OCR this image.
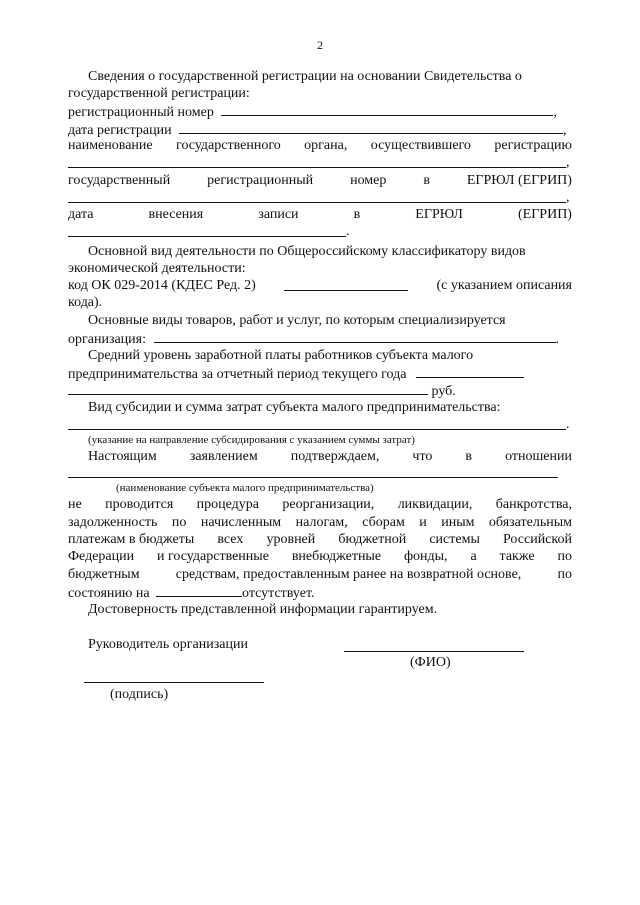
2
Сведения о государственной регистрации на основании Свидетельства о
государственной регистрации:
регистрационный номер	,
дата регистрации	,
наименование государственного органа, осуществившего регистрацию
,
государственный	регистрационный	номер	в	ЕГРЮЛ (ЕГРИП)
,
дата	внесения	записи	в	ЕГРЮЛ	(ЕГРИП)
.
Основной вид деятельности по Общероссийскому классификатору видов
экономической деятельности:
код ОК 029-2014 (КДЕС Ред. 2)	(с указанием описания
кода).
Основные виды товаров, работ и услуг, по которым специализируется
организация:	.
Средний уровень заработной платы работников субъекта малого
предпринимательства за отчетный период текущего года
руб.
Вид субсидии и сумма затрат субъекта малого предпринимательства:
.
(указание на направление субсидирования с указанием суммы затрат)
Настоящим заявлением подтверждаем, что в отношении
(наименование субъекта малого предпринимательства)
не проводится процедура реорганизации, ликвидации, банкротства,
задолженность по начисленным налогам, сборам и иным обязательным
платежам в бюджеты всех уровней бюджетной системы Российской
Федерации и государственные внебюджетные фонды, а также по
бюджетным	средствам, предоставленным ранее на возвратной основе,	по
состоянию на	отсутствует.
Достоверность представленной информации гарантируем.
Руководитель организации
(ФИО)
(подпись)
